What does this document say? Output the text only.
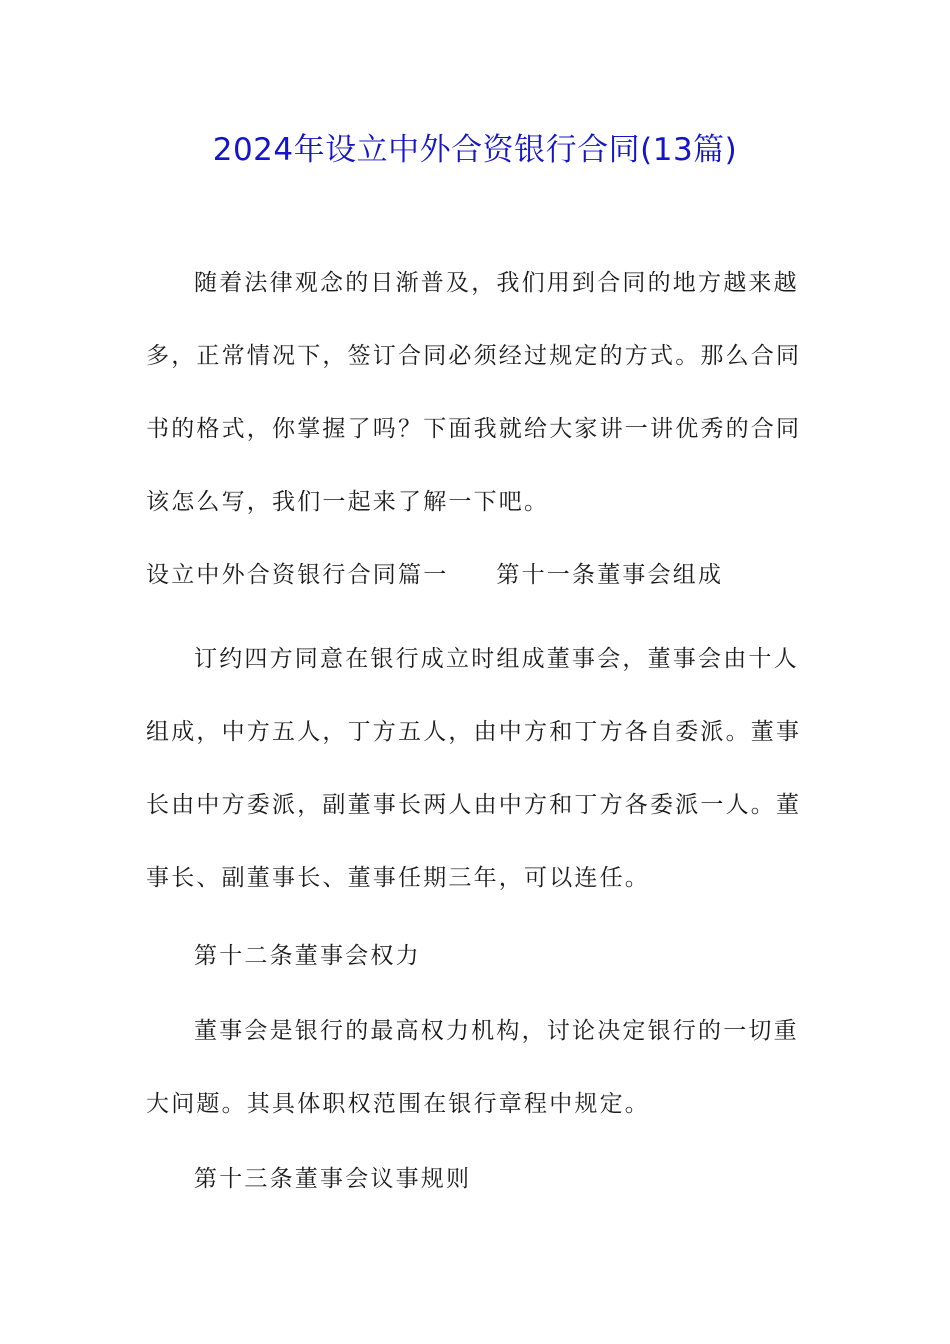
2024年设立中外合资银行合同(13篇)

随着法律观念的日渐普及，我们用到合同的地方越来越多，正常情况下，签订合同必须经过规定的方式。那么合同书的格式，你掌握了吗？下面我就给大家讲一讲优秀的合同该怎么写，我们一起来了解一下吧。

设立中外合资银行合同篇一 第十一条董事会组成

订约四方同意在银行成立时组成董事会，董事会由十人组成，中方五人，丁方五人，由中方和丁方各自委派。董事长由中方委派，副董事长两人由中方和丁方各委派一人。董事长、副董事长、董事任期三年，可以连任。

第十二条董事会权力

董事会是银行的最高权力机构，讨论决定银行的一切重大问题。其具体职权范围在银行章程中规定。

第十三条董事会议事规则
